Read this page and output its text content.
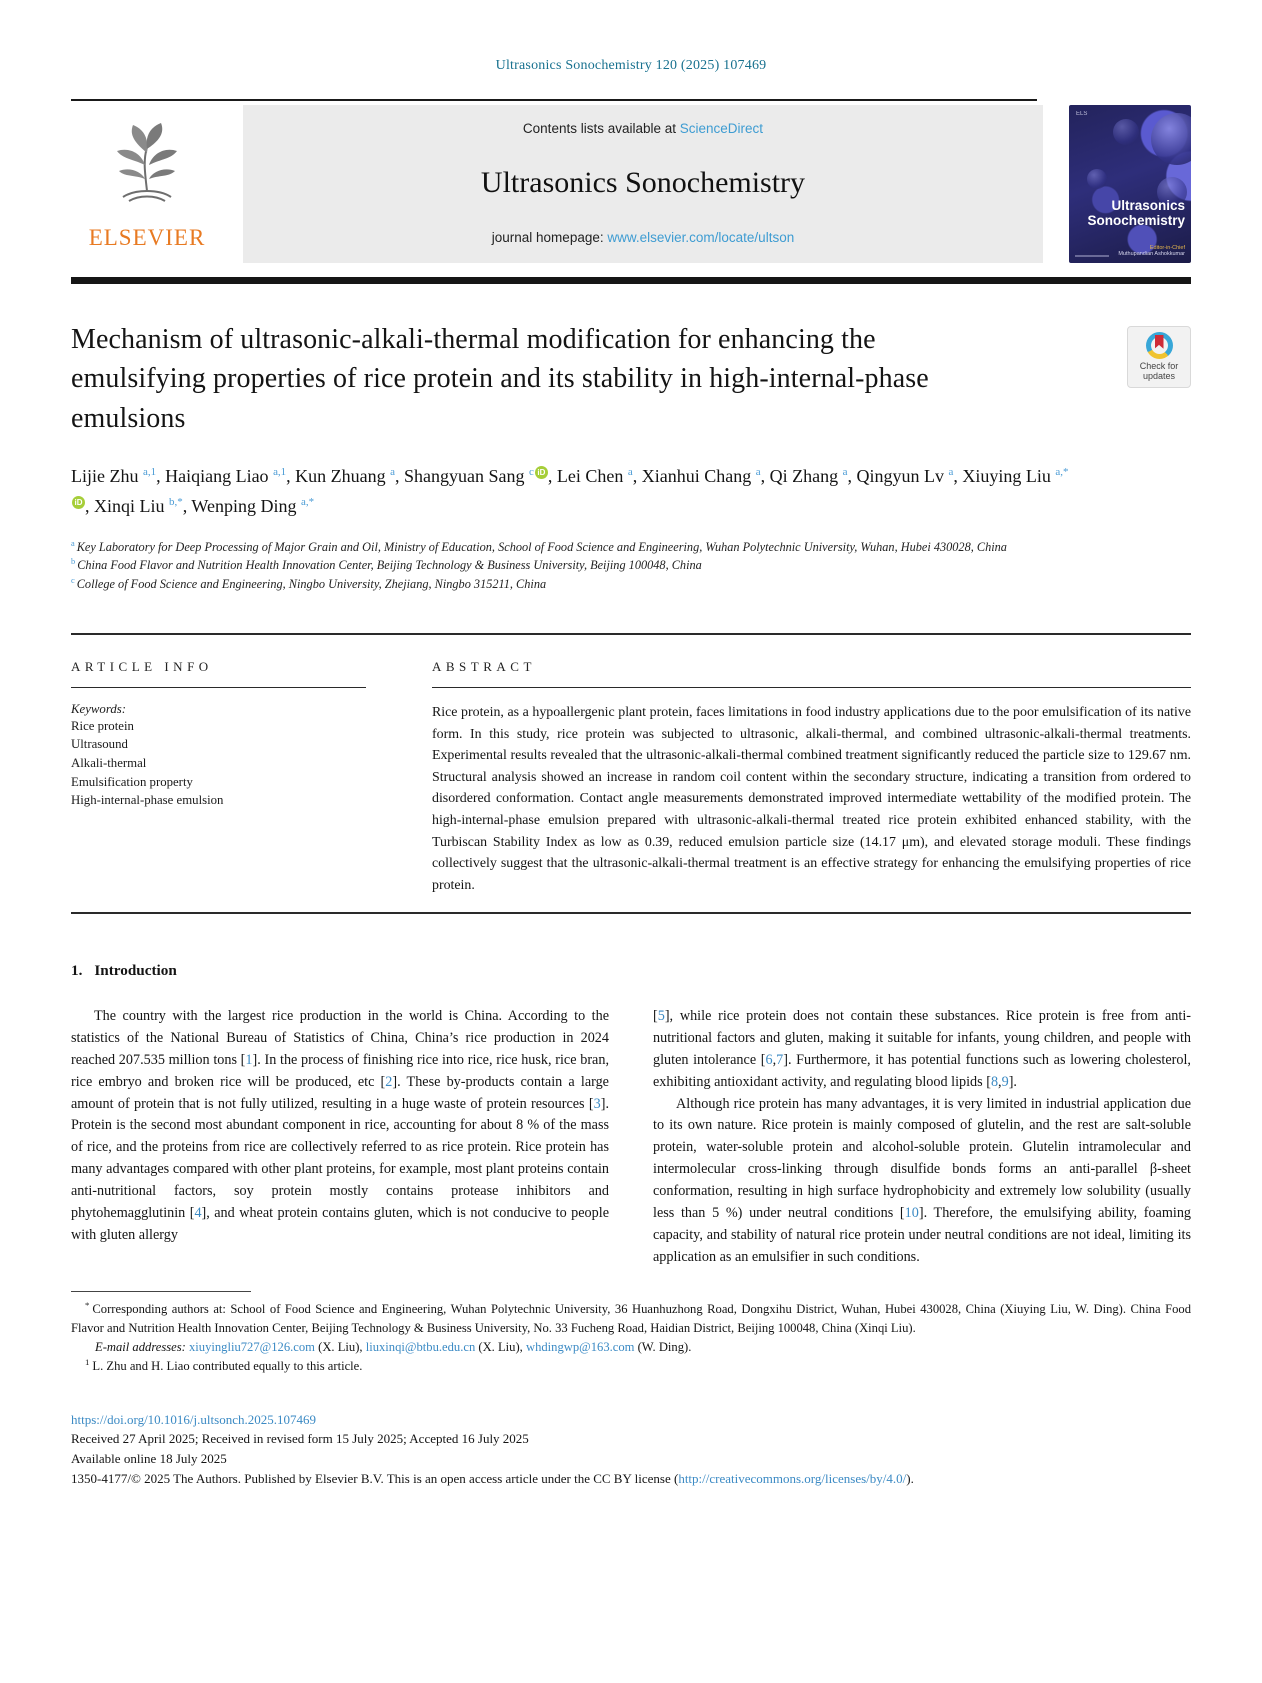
Ultrasonics Sonochemistry 120 (2025) 107469
ELSEVIER
Contents lists available at ScienceDirect
Ultrasonics Sonochemistry
journal homepage: www.elsevier.com/locate/ultson
ELS
Ultrasonics
Sonochemistry
Editor-in-Chief
Muthupandian Ashokkumar
Mechanism of ultrasonic-alkali-thermal modification for enhancing the emulsifying properties of rice protein and its stability in high-internal-phase emulsions
Check for
updates
Lijie Zhu $^{a,1}$, Haiqiang Liao $^{a,1}$, Kun Zhuang $^a$, Shangyuan Sang $^c$ iD , Lei Chen $^a$, Xianhui Chang $^a$, Qi Zhang $^a$, Qingyun Lv $^a$, Xiuying Liu $^{a,*}$iD , Xinqi Liu $^{b,*}$, Wenping Ding $^{a,*}$
$^a$ Key Laboratory for Deep Processing of Major Grain and Oil, Ministry of Education, School of Food Science and Engineering, Wuhan Polytechnic University, Wuhan, Hubei 430028, China
$^b$ China Food Flavor and Nutrition Health Innovation Center, Beijing Technology & Business University, Beijing 100048, China
$^c$ College of Food Science and Engineering, Ningbo University, Zhejiang, Ningbo 315211, China
ARTICLE INFO
Keywords:
Rice protein
Ultrasound
Alkali-thermal
Emulsification property
High-internal-phase emulsion
ABSTRACT
Rice protein, as a hypoallergenic plant protein, faces limitations in food industry applications due to the poor emulsification of its native form. In this study, rice protein was subjected to ultrasonic, alkali-thermal, and combined ultrasonic-alkali-thermal treatments. Experimental results revealed that the ultrasonic-alkali-thermal combined treatment significantly reduced the particle size to 129.67 nm. Structural analysis showed an increase in random coil content within the secondary structure, indicating a transition from ordered to disordered conformation. Contact angle measurements demonstrated improved intermediate wettability of the modified protein. The high-internal-phase emulsion prepared with ultrasonic-alkali-thermal treated rice protein exhibited enhanced stability, with the Turbiscan Stability Index as low as 0.39, reduced emulsion particle size (14.17 μm), and elevated storage moduli. These findings collectively suggest that the ultrasonic-alkali-thermal treatment is an effective strategy for enhancing the emulsifying properties of rice protein.
1. Introduction

The country with the largest rice production in the world is China. According to the statistics of the National Bureau of Statistics of China, China’s rice production in 2024 reached 207.535 million tons [1]. In the process of finishing rice into rice, rice husk, rice bran, rice embryo and broken rice will be produced, etc [2]. These by-products contain a large amount of protein that is not fully utilized, resulting in a huge waste of protein resources [3]. Protein is the second most abundant component in rice, accounting for about 8 % of the mass of rice, and the proteins from rice are collectively referred to as rice protein. Rice protein has many advantages compared with other plant proteins, for example, most plant proteins contain anti-nutritional factors, soy protein mostly contains protease inhibitors and phytohemagglutinin [4], and wheat protein contains gluten, which is not conducive to people with gluten allergy

[5], while rice protein does not contain these substances. Rice protein is free from anti-nutritional factors and gluten, making it suitable for infants, young children, and people with gluten intolerance [6,7]. Furthermore, it has potential functions such as lowering cholesterol, exhibiting antioxidant activity, and regulating blood lipids [8,9].

Although rice protein has many advantages, it is very limited in industrial application due to its own nature. Rice protein is mainly composed of glutelin, and the rest are salt-soluble protein, water-soluble protein and alcohol-soluble protein. Glutelin intramolecular and intermolecular cross-linking through disulfide bonds forms an anti-parallel β-sheet conformation, resulting in high surface hydrophobicity and extremely low solubility (usually less than 5 %) under neutral conditions [10]. Therefore, the emulsifying ability, foaming capacity, and stability of natural rice protein under neutral conditions are not ideal, limiting its application as an emulsifier in such conditions.

* Corresponding authors at: School of Food Science and Engineering, Wuhan Polytechnic University, 36 Huanhuzhong Road, Dongxihu District, Wuhan, Hubei 430028, China (Xiuying Liu, W. Ding). China Food Flavor and Nutrition Health Innovation Center, Beijing Technology & Business University, No. 33 Fucheng Road, Haidian District, Beijing 100048, China (Xinqi Liu).

E-mail addresses: xiuyingliu727@126.com (X. Liu), liuxinqi@btbu.edu.cn (X. Liu), whdingwp@163.com (W. Ding).

$^1$ L. Zhu and H. Liao contributed equally to this article.

https://doi.org/10.1016/j.ultsonch.2025.107469

Received 27 April 2025; Received in revised form 15 July 2025; Accepted 16 July 2025

Available online 18 July 2025

1350-4177/© 2025 The Authors. Published by Elsevier B.V. This is an open access article under the CC BY license (http://creativecommons.org/licenses/by/4.0/).
